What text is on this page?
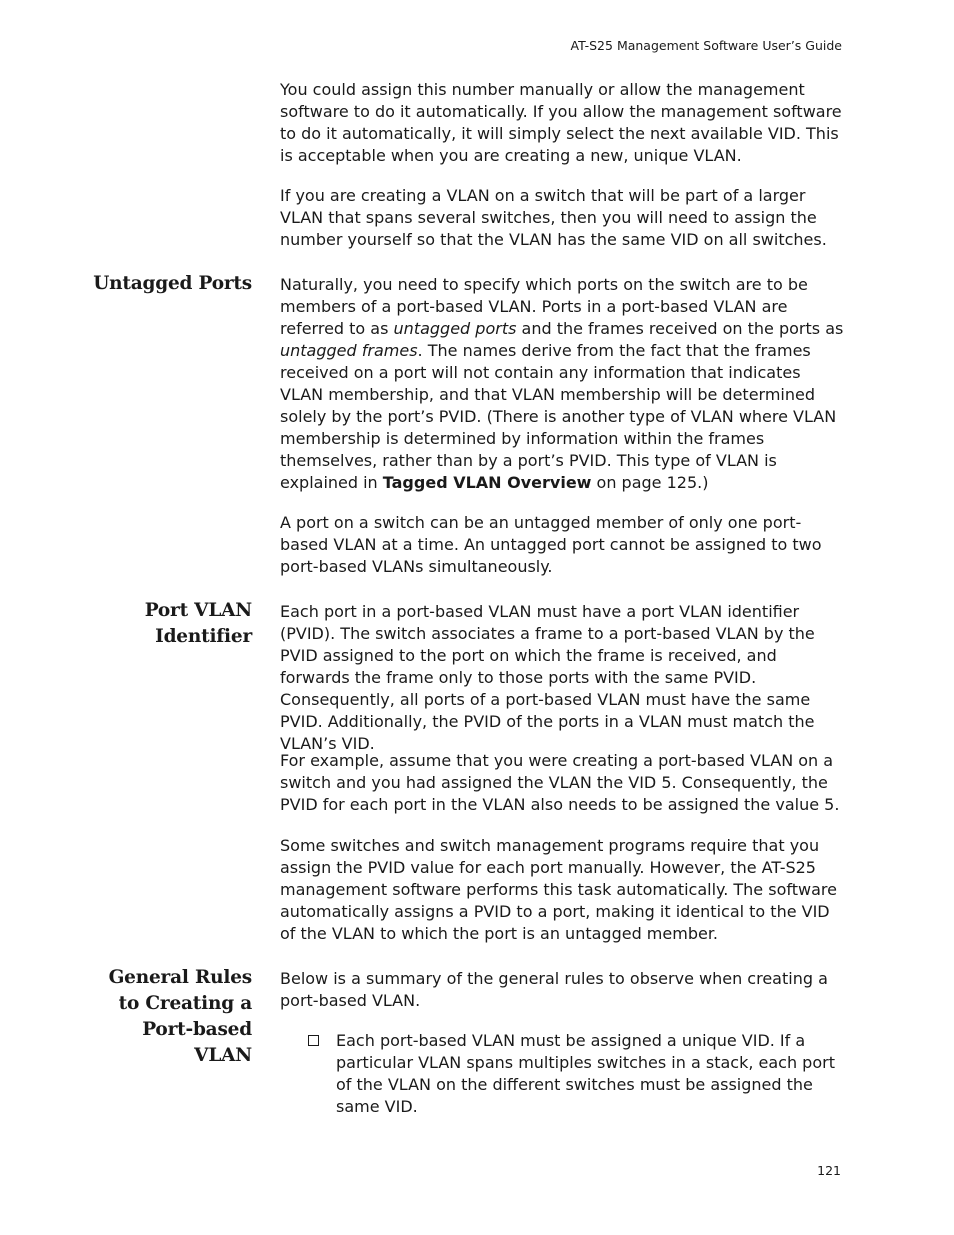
AT-S25 Management Software User’s Guide

You could assign this number manually or allow the management software to do it automatically. If you allow the management software to do it automatically, it will simply select the next available VID. This is acceptable when you are creating a new, unique VLAN.

If you are creating a VLAN on a switch that will be part of a larger VLAN that spans several switches, then you will need to assign the number yourself so that the VLAN has the same VID on all switches.

Untagged Ports Naturally, you need to specify which ports on the switch are to be members of a port-based VLAN. Ports in a port-based VLAN are referred to as untagged ports and the frames received on the ports as untagged frames. The names derive from the fact that the frames received on a port will not contain any information that indicates VLAN membership, and that VLAN membership will be determined solely by the port’s PVID. (There is another type of VLAN where VLAN membership is determined by information within the frames themselves, rather than by a port’s PVID. This type of VLAN is explained in Tagged VLAN Overview on page 125.)

A port on a switch can be an untagged member of only one port-based VLAN at a time. An untagged port cannot be assigned to two port-based VLANs simultaneously.

Port VLAN
Identifier

Each port in a port-based VLAN must have a port VLAN identifier (PVID). The switch associates a frame to a port-based VLAN by the PVID assigned to the port on which the frame is received, and forwards the frame only to those ports with the same PVID. Consequently, all ports of a port-based VLAN must have the same PVID. Additionally, the PVID of the ports in a VLAN must match the VLAN’s VID.

For example, assume that you were creating a port-based VLAN on a switch and you had assigned the VLAN the VID 5. Consequently, the PVID for each port in the VLAN also needs to be assigned the value 5.

Some switches and switch management programs require that you assign the PVID value for each port manually. However, the AT-S25 management software performs this task automatically. The software automatically assigns a PVID to a port, making it identical to the VID of the VLAN to which the port is an untagged member.

General Rules
to Creating a
Port-based
VLAN

Below is a summary of the general rules to observe when creating a port-based VLAN.

Each port-based VLAN must be assigned a unique VID. If a particular VLAN spans multiples switches in a stack, each port of the VLAN on the different switches must be assigned the same VID.
121
